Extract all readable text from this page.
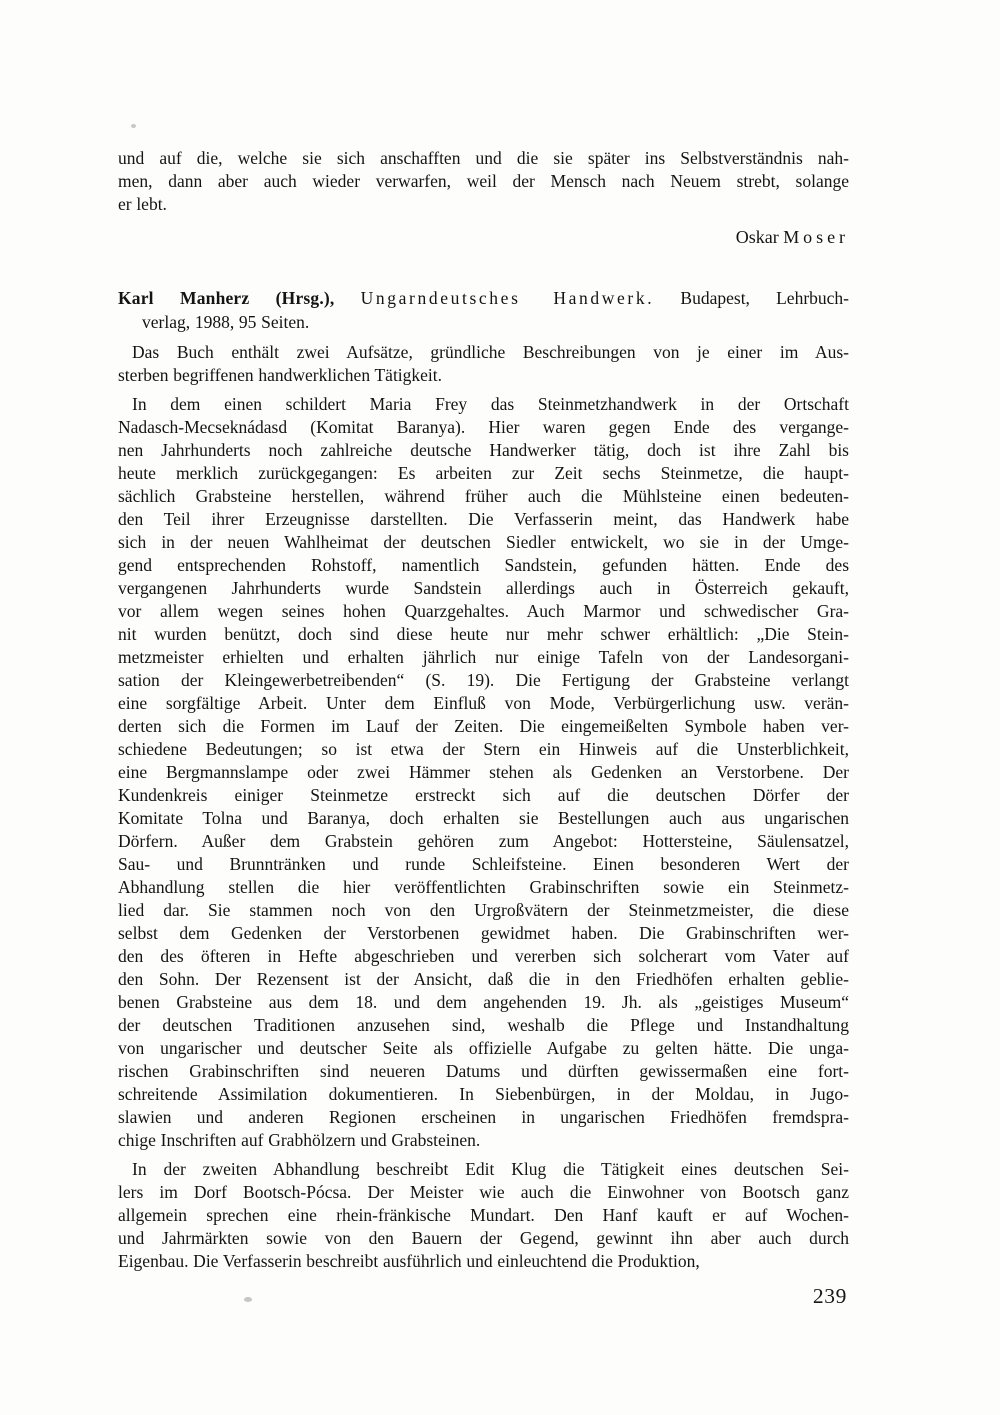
und auf die, welche sie sich anschafften und die sie später ins Selbstverständnis nah-
men, dann aber auch wieder verwarfen, weil der Mensch nach Neuem strebt, solange
er lebt.
Oskar Moser
Karl Manherz (Hrsg.), Ungarndeutsches Handwerk. Budapest, Lehrbuch-
verlag, 1988, 95 Seiten.
Das Buch enthält zwei Aufsätze, gründliche Beschreibungen von je einer im Aus-
sterben begriffenen handwerklichen Tätigkeit.
In dem einen schildert Maria Frey das Steinmetzhandwerk in der Ortschaft
Nadasch-Mecseknádasd (Komitat Baranya). Hier waren gegen Ende des vergange-
nen Jahrhunderts noch zahlreiche deutsche Handwerker tätig, doch ist ihre Zahl bis
heute merklich zurückgegangen: Es arbeiten zur Zeit sechs Steinmetze, die haupt-
sächlich Grabsteine herstellen, während früher auch die Mühlsteine einen bedeuten-
den Teil ihrer Erzeugnisse darstellten. Die Verfasserin meint, das Handwerk habe
sich in der neuen Wahlheimat der deutschen Siedler entwickelt, wo sie in der Umge-
gend entsprechenden Rohstoff, namentlich Sandstein, gefunden hätten. Ende des
vergangenen Jahrhunderts wurde Sandstein allerdings auch in Österreich gekauft,
vor allem wegen seines hohen Quarzgehaltes. Auch Marmor und schwedischer Gra-
nit wurden benützt, doch sind diese heute nur mehr schwer erhältlich: „Die Stein-
metzmeister erhielten und erhalten jährlich nur einige Tafeln von der Landesorgani-
sation der Kleingewerbetreibenden“ (S. 19). Die Fertigung der Grabsteine verlangt
eine sorgfältige Arbeit. Unter dem Einfluß von Mode, Verbürgerlichung usw. verän-
derten sich die Formen im Lauf der Zeiten. Die eingemeißelten Symbole haben ver-
schiedene Bedeutungen; so ist etwa der Stern ein Hinweis auf die Unsterblichkeit,
eine Bergmannslampe oder zwei Hämmer stehen als Gedenken an Verstorbene. Der
Kundenkreis einiger Steinmetze erstreckt sich auf die deutschen Dörfer der
Komitate Tolna und Baranya, doch erhalten sie Bestellungen auch aus ungarischen
Dörfern. Außer dem Grabstein gehören zum Angebot: Hottersteine, Säulensatzel,
Sau- und Brunntränken und runde Schleifsteine. Einen besonderen Wert der
Abhandlung stellen die hier veröffentlichten Grabinschriften sowie ein Steinmetz-
lied dar. Sie stammen noch von den Urgroßvätern der Steinmetzmeister, die diese
selbst dem Gedenken der Verstorbenen gewidmet haben. Die Grabinschriften wer-
den des öfteren in Hefte abgeschrieben und vererben sich solcherart vom Vater auf
den Sohn. Der Rezensent ist der Ansicht, daß die in den Friedhöfen erhalten geblie-
benen Grabsteine aus dem 18. und dem angehenden 19. Jh. als „geistiges Museum“
der deutschen Traditionen anzusehen sind, weshalb die Pflege und Instandhaltung
von ungarischer und deutscher Seite als offizielle Aufgabe zu gelten hätte. Die unga-
rischen Grabinschriften sind neueren Datums und dürften gewissermaßen eine fort-
schreitende Assimilation dokumentieren. In Siebenbürgen, in der Moldau, in Jugo-
slawien und anderen Regionen erscheinen in ungarischen Friedhöfen fremdspra-
chige Inschriften auf Grabhölzern und Grabsteinen.
In der zweiten Abhandlung beschreibt Edit Klug die Tätigkeit eines deutschen Sei-
lers im Dorf Bootsch-Pócsa. Der Meister wie auch die Einwohner von Bootsch ganz
allgemein sprechen eine rhein-fränkische Mundart. Den Hanf kauft er auf Wochen-
und Jahrmärkten sowie von den Bauern der Gegend, gewinnt ihn aber auch durch
Eigenbau. Die Verfasserin beschreibt ausführlich und einleuchtend die Produktion,
239
